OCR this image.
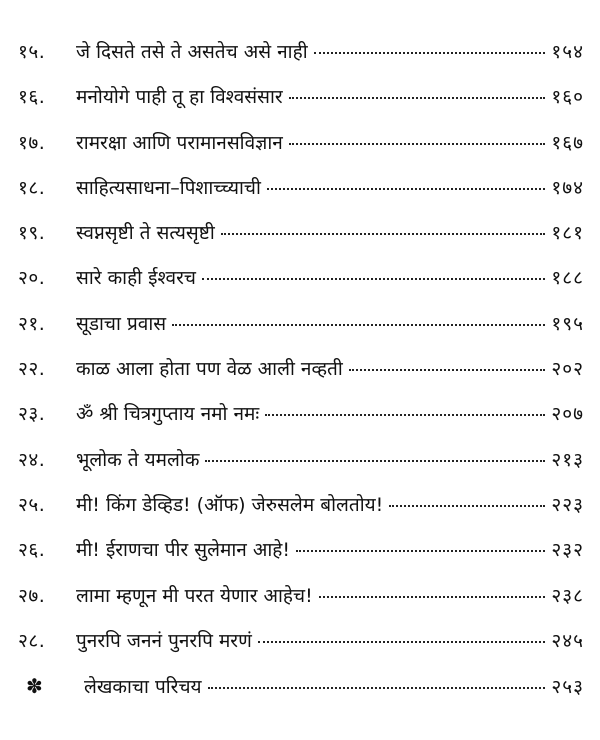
१५.	जे दिसते तसे ते असतेच असे नाही	१५४
१६.	मनोयोगे पाही तू हा विश्वसंसार	१६०
१७.	रामरक्षा आणि परामानसविज्ञान	१६७
१८.	साहित्यसाधना–पिशाच्च्याची	१७४
१९.	स्वप्नसृष्टी ते सत्यसृष्टी	१८१
२०.	सारे काही ईश्वरच	१८८
२१.	सूडाचा प्रवास	१९५
२२.	काळ आला होता पण वेळ आली नव्हती	२०२
२३.	ॐ श्री चित्रगुप्ताय नमो नमः	२०७
२४.	भूलोक ते यमलोक	२१३
२५.	मी! किंग डेव्हिड! (ऑफ) जेरुसलेम बोलतोय!	२२३
२६.	मी! ईराणचा पीर सुलेमान आहे!	२३२
२७.	लामा म्हणून मी परत येणार आहेच!	२३८
२८.	पुनरपि जननं पुनरपि मरणं	२४५
✽	लेखकाचा परिचय	२५३
